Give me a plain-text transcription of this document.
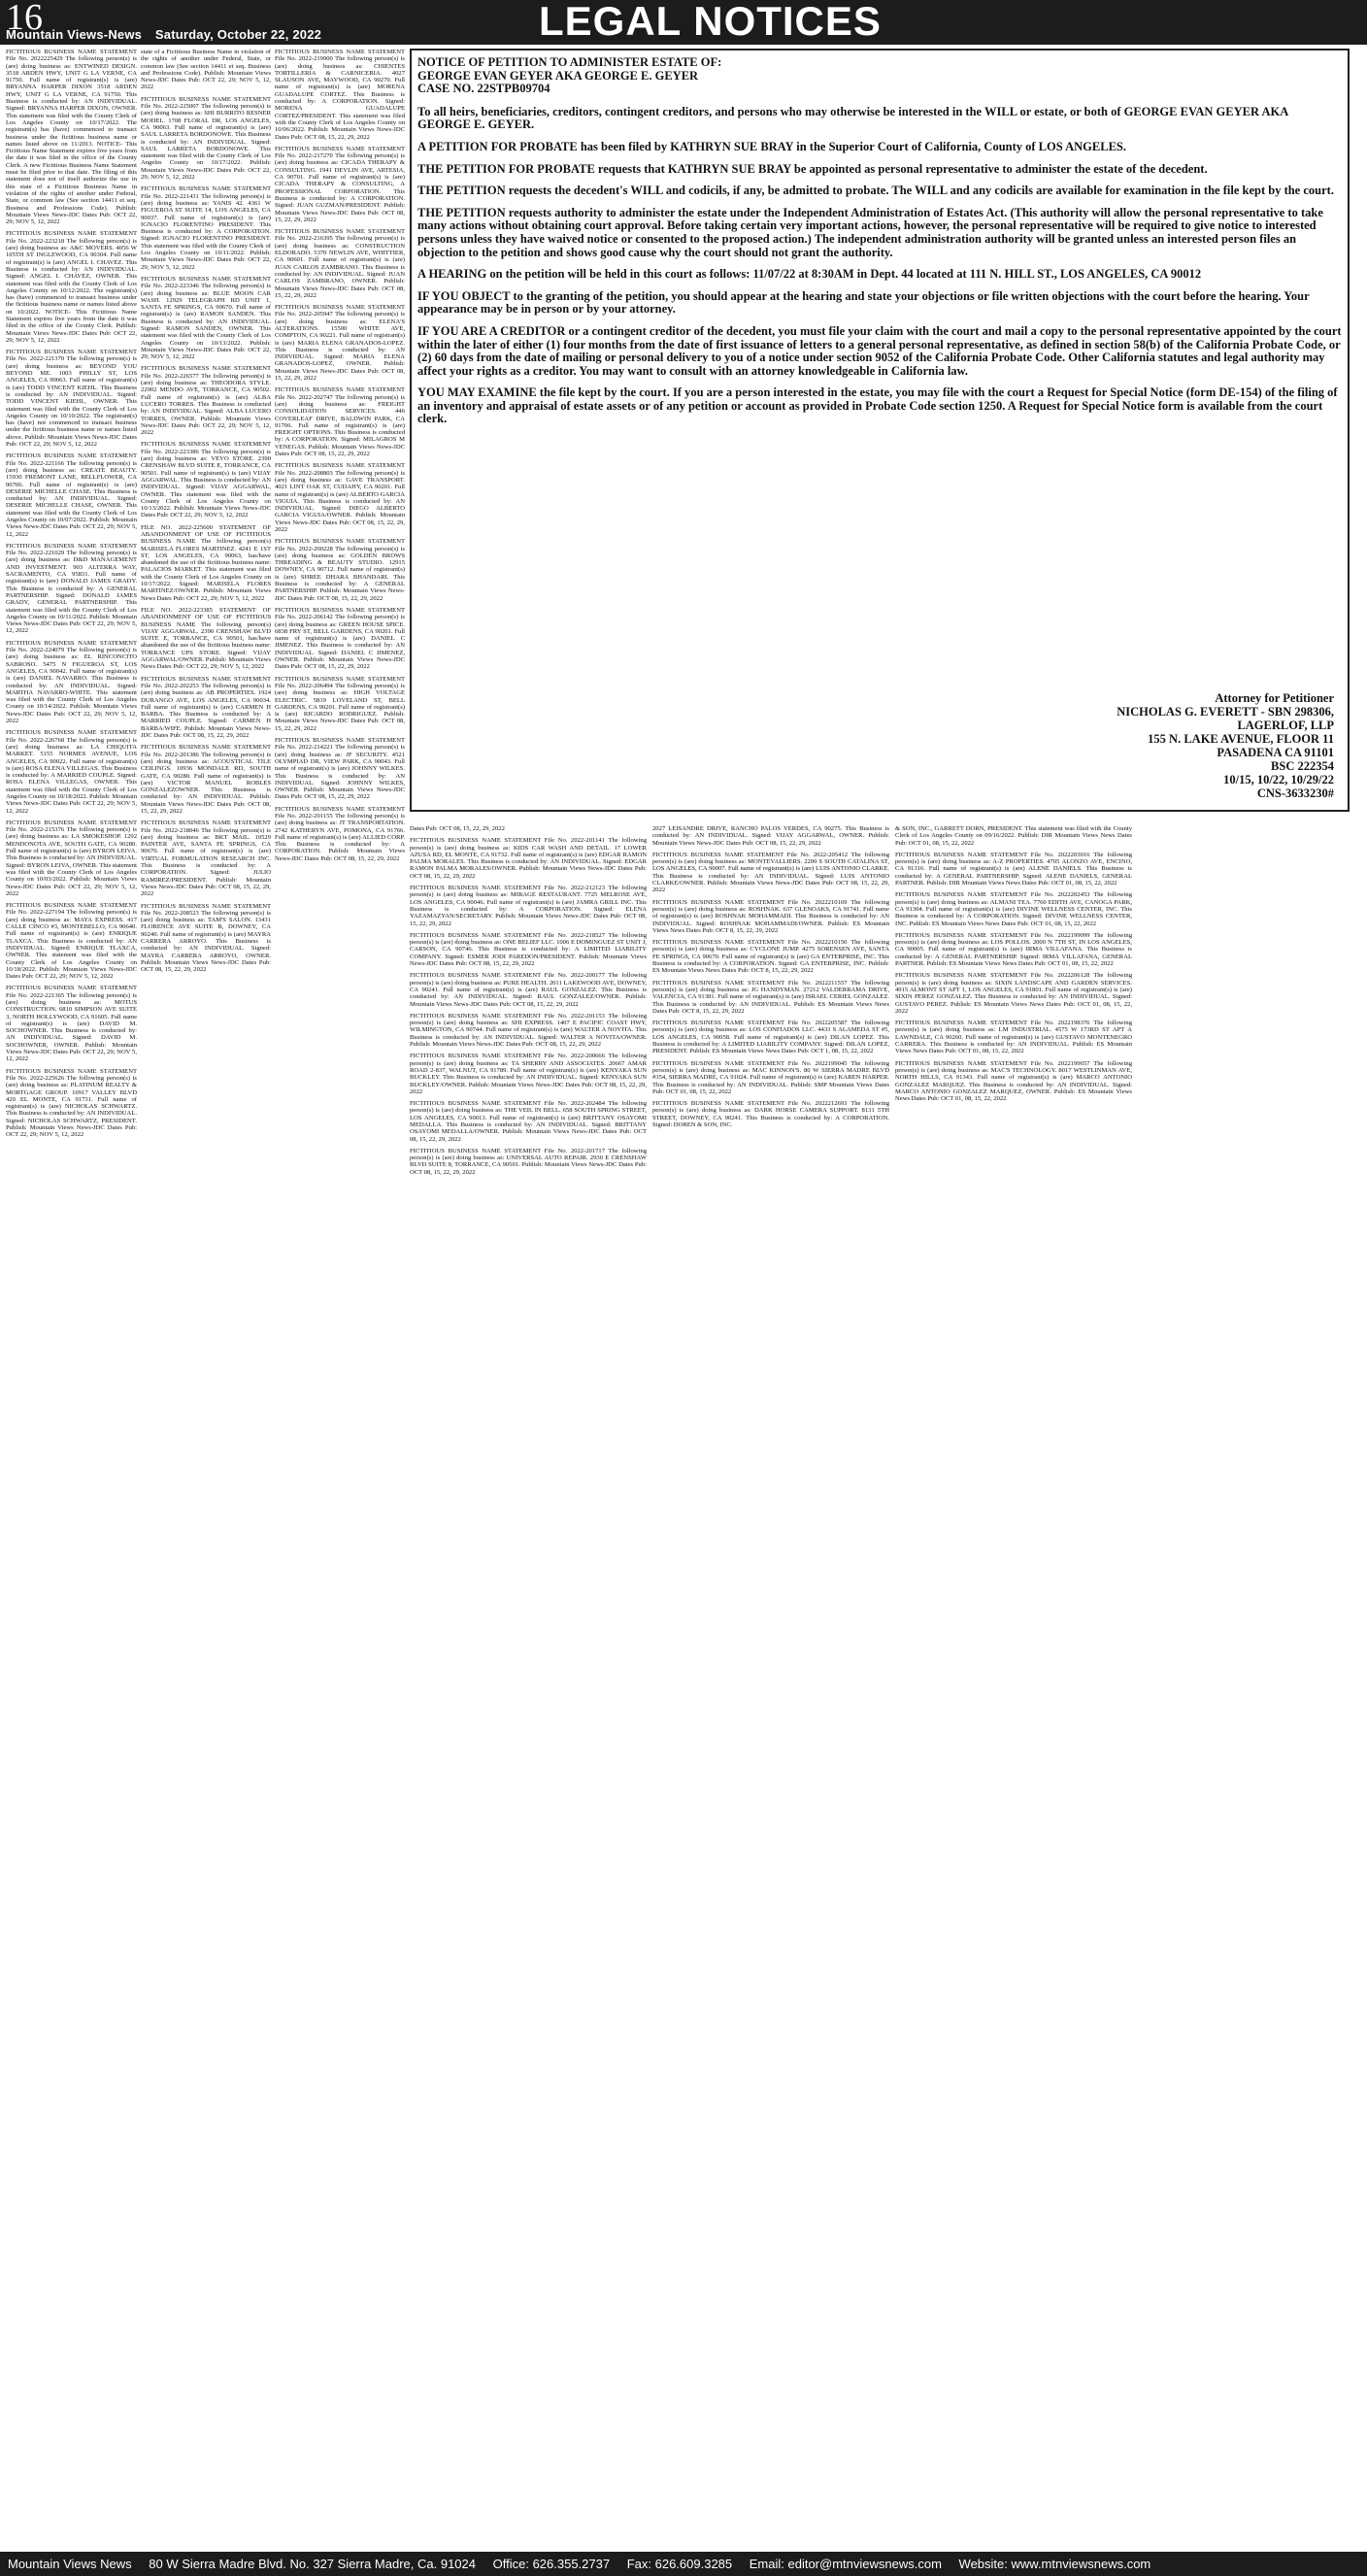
16
Mountain Views-News Saturday, October 22, 2022	LEGAL NOTICES

FICTITIOUS BUSINESS NAME STATEMENT File No. 2022225429 The following person(s) is (are) doing business as: ENTWINED DESIGN. 3518 ARDEN HWY, UNIT G LA VERNE, CA 91750. Full name of registrant(s) is (are) BRYANNA HARPER DIXON 3518 ARDEN HWY, UNIT G LA VERNE, CA 91750. This Business is conducted by: AN INDIVIDUAL. Signed: BRYANNA HARPER DIXON, OWNER. This statement was filed with the County Clerk of Los Angeles County on 10/17/2022. The registrant(s) has (have) commenced to transact business under the fictitious business name or names listed above on 11/2013. NOTICE- This Fictitious Name Statement expires five years from the date it was filed in the office of the County Clerk. A new Fictitious Business Name Statement must be filed prior to that date. The filing of this statement does not of itself authorize the use in this state of a Fictitious Business Name in violation of the rights of another under Federal, State, or common law (See section 14411 et seq. Business and Professions Code). Publish: Mountain Views News-JDC Dates Pub: OCT 22, 29; NOV 5, 12, 2022

FICTITIOUS BUSINESS NAME STATEMENT File No. 2022-223218 The following person(s) is (are) doing business as: A&C MOVERS. 4056 W 105TH ST INGLEWOOD, CA 90304. Full name of registrant(s) is (are) ANGEL I. CHAVEZ. This Business is conducted by: AN INDIVIDUAL. Signed: ANGEL I. CHAVEZ, OWNER. This statement was filed with the County Clerk of Los Angeles County on 10/12/2022. The registrant(s) has (have) commenced to transact business under the fictitious business name or names listed above on 10/2022. NOTICE- This Fictitious Name Statement expires five years from the date it was filed in the office of the County Clerk. Publish: Mountain Views News-JDC Dates Pub: OCT 22, 29; NOV 5, 12, 2022

FICTITIOUS BUSINESS NAME STATEMENT File No. 2022-221370 The following person(s) is (are) doing business as: BEYOND YOU BEYOND ME. 1003 PHILLY ST, LOS ANGELES, CA 90063. Full name of registrant(s) is (are) TODD VINCENT KIEHL. This Business is conducted by: AN INDIVIDUAL. Signed: TODD VINCENT KIEHL, OWNER. This statement was filed with the County Clerk of Los Angeles County on 10/10/2022. The registrant(s) has (have) not commenced to transact business under the fictitious business name or names listed above. Publish: Mountain Views News-JDC Dates Pub: OCT 22, 29; NOV 5, 12, 2022

FICTITIOUS BUSINESS NAME STATEMENT File No. 2022-221166 The following person(s) is (are) doing business as: CREATE BEAUTY. 15930 FREMONT LANE, BELLFLOWER, CA 90706. Full name of registrant(s) is (are) DESERIE MICHELLE CHASE. This Business is conducted by: AN INDIVIDUAL. Signed: DESERIE MICHELLE CHASE, OWNER. This statement was filed with the County Clerk of Los Angeles County on 10/07/2022. Publish: Mountain Views News-JDC Dates Pub: OCT 22, 29; NOV 5, 12, 2022

FICTITIOUS BUSINESS NAME STATEMENT File No. 2022-221029 The following person(s) is (are) doing business as: D&D MANAGEMENT AND INVESTMENT. 903 ALTERRA WAY, SACRAMENTO, CA 95831. Full name of registrant(s) is (are) DONALD JAMES GRADY. This Business is conducted by: A GENERAL PARTNERSHIP. Signed: DONALD JAMES GRADY, GENERAL PARTNERSHIP. This statement was filed with the County Clerk of Los Angeles County on 10/11/2022. Publish: Mountain Views News-JDC Dates Pub: OCT 22, 29; NOV 5, 12, 2022

FICTITIOUS BUSINESS NAME STATEMENT File No. 2022-224079 The following person(s) is (are) doing business as: EL RINCONCITO SABROSO. 5475 N FIGUEROA ST, LOS ANGELES, CA 90042. Full name of registrant(s) is (are) DANIEL NAVARRO. This Business is conducted by: AN INDIVIDUAL. Signed: MARTHA NAVARRO-WHITE. This statement was filed with the County Clerk of Los Angeles County on 10/14/2022. Publish: Mountain Views News-JDC Dates Pub: OCT 22, 29; NOV 5, 12, 2022

FICTITIOUS BUSINESS NAME STATEMENT File No. 2022-226768 The following person(s) is (are) doing business as: LA CHIQUITA MARKET. 5155 NORMES AVENUE, LOS ANGELES, CA 90022. Full name of registrant(s) is (are) ROSA ELENA VILLEGAS. This Business is conducted by: A MARRIED COUPLE. Signed: ROSA ELENA VILLEGAS, OWNER. This statement was filed with the County Clerk of Los Angeles County on 10/18/2022. Publish: Mountain Views News-JDC Dates Pub: OCT 22, 29; NOV 5, 12, 2022

FICTITIOUS BUSINESS NAME STATEMENT File No. 2022-215376 The following person(s) is (are) doing business as: LA SMOKESHOP. 1292 MENDONOTA AVE, SOUTH GATE, CA 90280. Full name of registrant(s) is (are) BYRON LEIVA. This Business is conducted by: AN INDIVIDUAL. Signed: BYRON LEIVA, OWNER. This statement was filed with the County Clerk of Los Angeles County on 10/03/2022. Publish: Mountain Views News-JDC Dates Pub: OCT 22, 29; NOV 5, 12, 2022

FICTITIOUS BUSINESS NAME STATEMENT File No. 2022-227194 The following person(s) is (are) doing business as: MAYA EXPRESS. 417 CALLE CINCO #3, MONTEBELLO, CA 90640. Full name of registrant(s) is (are) ENRIQUE TLAXCA. This Business is conducted by: AN INDIVIDUAL. Signed: ENRIQUE TLAXCA, OWNER. This statement was filed with the County Clerk of Los Angeles County on 10/18/2022. Publish: Mountain Views News-JDC Dates Pub: OCT 22, 29; NOV 5, 12, 2022

FICTITIOUS BUSINESS NAME STATEMENT File No. 2022-221365 The following person(s) is (are) doing business as: MOTUS CONSTRUCTION. 6810 SIMPSON AVE SUITE 3, NORTH HOLLYWOOD, CA 91605. Full name of registrant(s) is (are) DAVID M. SOCHOWNER. This Business is conducted by: AN INDIVIDUAL. Signed: DAVID M. SOCHOWNER, OWNER. Publish: Mountain Views News-JDC Dates Pub: OCT 22, 29; NOV 5, 12, 2022

FICTITIOUS BUSINESS NAME STATEMENT File No. 2022-225626 The following person(s) is (are) doing business as: PLATINUM REALTY & MORTGAGE GROUP. 10917 VALLEY BLVD 420 EL MONTE, CA 91731. Full name of registrant(s) is (are) NICHOLAS SCHWARTZ. This Business is conducted by: AN INDIVIDUAL. Signed: NICHOLAS SCHWARTZ, PRESIDENT. Publish: Mountain Views News-JDC Dates Pub: OCT 22, 29; NOV 5, 12, 2022

state of a Fictitious Business Name in violation of the rights of another under Federal, State, or common law (See section 14411 et seq. Business and Professions Code). Publish: Mountain Views News-JDC Dates Pub: OCT 22, 29; NOV 5, 12, 2022

FICTITIOUS BUSINESS NAME STATEMENT File No. 2022-225007 The following person(s) is (are) doing business as: SHI BURRITO RESNER MODEL. 1708 FLORAL DR, LOS ANGELES, CA 90063. Full name of registrant(s) is (are) SAUL LARRETA BORDONOWE. This Business is conducted by: AN INDIVIDUAL. Signed: SAUL LARRETA BORDONOWE. This statement was filed with the County Clerk of Los Angeles County on 10/17/2022. Publish: Mountain Views News-JDC Dates Pub: OCT 22, 29; NOV 5, 12, 2022

FICTITIOUS BUSINESS NAME STATEMENT File No. 2022-221431 The following person(s) is (are) doing business as: YANIS 42. 4361 W FIGUEROA ST SUITE 14, LOS ANGELES, CA 90037. Full name of registrant(s) is (are) IGNACIO FLORENTINO PRESIDENT. This Business is conducted by: A CORPORATION. Signed: IGNACIO FLORENTINO PRESIDENT. This statement was filed with the County Clerk of Los Angeles County on 10/11/2022. Publish: Mountain Views News-JDC Dates Pub: OCT 22, 29; NOV 5, 12, 2022

FICTITIOUS BUSINESS NAME STATEMENT File No. 2022-223346 The following person(s) is (are) doing business as: BLUE MOON CAR WASH. 12929 TELEGRAPH RD UNIT 1, SANTA FE SPRINGS, CA 90670. Full name of registrant(s) is (are) RAMON SANDEN. This Business is conducted by: AN INDIVIDUAL. Signed: RAMON SANDEN, OWNER. This statement was filed with the County Clerk of Los Angeles County on 10/13/2022. Publish: Mountain Views News-JDC Dates Pub: OCT 22, 29; NOV 5, 12, 2022

FICTITIOUS BUSINESS NAME STATEMENT File No. 2022-226577 The following person(s) is (are) doing business as: THEODORA STYLE. 22902 MENDO AVE, TORRANCE, CA 90502. Full name of registrant(s) is (are) ALBA LUCERO TORRES. This Business is conducted by: AN INDIVIDUAL. Signed: ALBA LUCERO TORRES, OWNER. Publish: Mountain Views News-JDC Dates Pub: OCT 22, 29; NOV 5, 12, 2022

FICTITIOUS BUSINESS NAME STATEMENT File No. 2022-223386 The following person(s) is (are) doing business as: VEVO STORE. 2390 CRENSHAW BLVD SUITE E, TORRANCE, CA 90501. Full name of registrant(s) is (are) VIJAY AGGARWAL. This Business is conducted by: AN INDIVIDUAL. Signed: VIJAY AGGARWAL, OWNER. This statement was filed with the County Clerk of Los Angeles County on 10/13/2022. Publish: Mountain Views News-JDC Dates Pub: OCT 22, 29; NOV 5, 12, 2022

FILE NO. 2022-225600 STATEMENT OF ABANDONMENT OF USE OF FICTITIOUS BUSINESS NAME The following person(s) MARISELA FLORES MARTINEZ. 4241 E 1ST ST, LOS ANGELES, CA 90063, has/have abandoned the use of the fictitious business name: PALACIOS MARKET. This statement was filed with the County Clerk of Los Angeles County on 10/17/2022. Signed: MARISELA FLORES MARTINEZ/OWNER. Publish: Mountain Views News Dates Pub: OCT 22, 29; NOV 5, 12, 2022

FILE NO. 2022-223385 STATEMENT OF ABANDONMENT OF USE OF FICTITIOUS BUSINESS NAME The following person(s) VIJAY AGGARWAL. 2390 CRENSHAW BLVD SUITE E, TORRANCE, CA 90501, has/have abandoned the use of the fictitious business name: TORRANCE UPS STORE. Signed: VIJAY AGGARWAL/OWNER. Publish: Mountain Views News Dates Pub: OCT 22, 29; NOV 5, 12, 2022

FICTITIOUS BUSINESS NAME STATEMENT File No. 2022-202253 The following person(s) is (are) doing business as: AB PROPERTIES. 1924 DURANGO AVE, LOS ANGELES, CA 90034. Full name of registrant(s) is (are) CARMEN H BARBA. This Business is conducted by: A MARRIED COUPLE. Signed: CARMEN H BARBA/WIFE. Publish: Mountain Views News-JDC Dates Pub: OCT 08, 15, 22, 29, 2022

FICTITIOUS BUSINESS NAME STATEMENT File No. 2022-201386 The following person(s) is (are) doing business as: ACOUSTICAL TILE CEILINGS. 10936 MONDALE RD, SOUTH GATE, CA 90280. Full name of registrant(s) is (are) VICTOR MANUEL ROBLES GONZALEZOWNER. This Business is conducted by: AN INDIVIDUAL. Publish: Mountain Views News-JDC Dates Pub: OCT 08, 15, 22, 29, 2022

FICTITIOUS BUSINESS NAME STATEMENT File No. 2022-218046 The following person(s) is (are) doing business as: BKT MAIL. 10529 PAINTER AVE, SANTA FE SPRINGS, CA 90670. Full name of registrant(s) is (are) VIRTUAL FORMULATION RESEARCH INC. This Business is conducted by: A CORPORATION. Signed: JULIO RAMIREZ/PRESIDENT. Publish: Mountain Views News-JDC Dates Pub: OCT 08, 15, 22, 29, 2022

FICTITIOUS BUSINESS NAME STATEMENT File No. 2022-208523 The following person(s) is (are) doing business as: TAM'S SALON. 13431 FLORENCE AVE SUITE B, DOWNEY, CA 90240. Full name of registrant(s) is (are) MAYRA CARRERA ARROYO. This Business is conducted by: AN INDIVIDUAL. Signed: MAYRA CARRERA ARROYO, OWNER. Publish: Mountain Views News-JDC Dates Pub: OCT 08, 15, 22, 29, 2022

FICTITIOUS BUSINESS NAME STATEMENT File No. 2022-219900 The following person(s) is (are) doing business as: CHIENTES TORTILLERIA & CARNICERIA. 4027 SLAUSON AVE, MAYWOOD, CA 90270. Full name of registrant(s) is (are) MORENA GUADALUPE CORTEZ. This Business is conducted by: A CORPORATION. Signed: MORENA GUADALUPE CORTEZ/PRESIDENT. This statement was filed with the County Clerk of Los Angeles County on 10/06/2022. Publish: Mountain Views News-JDC Dates Pub: OCT 08, 15, 22, 29, 2022

FICTITIOUS BUSINESS NAME STATEMENT File No. 2022-217270 The following person(s) is (are) doing business as: CICADA THERAPY & CONSULTING. 1941 DEVLIN AVE, ARTESIA, CA 90701. Full name of registrant(s) is (are) CICADA THERAPY & CONSULTING, A PROFESSIONAL CORPORATION. This Business is conducted by: A CORPORATION. Signed: JUAN GUZMAN/PRESIDENT. Publish: Mountain Views News-JDC Dates Pub: OCT 08, 15, 22, 29, 2022

FICTITIOUS BUSINESS NAME STATEMENT File No. 2022-216395 The following person(s) is (are) doing business as: CONSTRUCTION ELDORADO. 5370 NEWLIN AVE, WHITTIER, CA 90601. Full name of registrant(s) is (are) JUAN CARLOS ZAMBRANO. This Business is conducted by: AN INDIVIDUAL. Signed: JUAN CARLOS ZAMBRANO, OWNER. Publish: Mountain Views News-JDC Dates Pub: OCT 08, 15, 22, 29, 2022

FICTITIOUS BUSINESS NAME STATEMENT File No. 2022-205947 The following person(s) is (are) doing business as: ELENA'S ALTERATIONS. 15500 WHITE AVE, COMPTON, CA 90221. Full name of registrant(s) is (are) MARIA ELENA GRANADOS-LOPEZ. This Business is conducted by: AN INDIVIDUAL. Signed: MARIA ELENA GRANADOS-LOPEZ, OWNER. Publish: Mountain Views News-JDC Dates Pub: OCT 08, 15, 22, 29, 2022

FICTITIOUS BUSINESS NAME STATEMENT File No. 2022-202747 The following person(s) is (are) doing business as: FREIGHT CONSOLIDATION SERVICES. 446 COVERLEAF DRIVE, BALDWIN PARK, CA 91706. Full name of registrant(s) is (are) FREIGHT OPTIONS. This Business is conducted by: A CORPORATION. Signed: MILAGROS M VENEGAS. Publish: Mountain Views News-JDC Dates Pub: OCT 08, 15, 22, 29, 2022

FICTITIOUS BUSINESS NAME STATEMENT File No. 2022-208803 The following person(s) is (are) doing business as: GAVE TRANSPORT. 4021 LINT OAK ST, CUDAHY, CA 90201. Full name of registrant(s) is (are) ALBERTO GARCIA VIGUIA. This Business is conducted by: AN INDIVIDUAL. Signed: DIEGO ALBERTO GARCIA VIGUIA/OWNER. Publish: Mountain Views News-JDC Dates Pub: OCT 08, 15, 22, 29, 2022

FICTITIOUS BUSINESS NAME STATEMENT File No. 2022-200228 The following person(s) is (are) doing business as: GOLDEN BROWS THREADING & BEAUTY STUDIO. 12915 DOWNEY, CA 90712. Full name of registrant(s) is (are) SHREE DHARA BHANDARI. This Business is conducted by: A GENERAL PARTNERSHIP. Publish: Mountain Views News-JDC Dates Pub: OCT 08, 15, 22, 29, 2022

FICTITIOUS BUSINESS NAME STATEMENT File No. 2022-206142 The following person(s) is (are) doing business as: GREEN HOUSE SPICE. 6838 FRY ST, BELL GARDENS, CA 90201. Full name of registrant(s) is (are) DANIEL C JIMENEZ. This Business is conducted by: AN INDIVIDUAL. Signed: DANIEL C JIMENEZ, OWNER. Publish: Mountain Views News-JDC Dates Pub: OCT 08, 15, 22, 29, 2022

FICTITIOUS BUSINESS NAME STATEMENT File No. 2022-206494 The following person(s) is (are) doing business as: HIGH VOLTAGE ELECTRIC. 5819 LOVELAND ST, BELL GARDENS, CA 90201. Full name of registrant(s) is (are) RICARDO RODRIGUEZ. Publish: Mountain Views News-JDC Dates Pub: OCT 08, 15, 22, 29, 2022

FICTITIOUS BUSINESS NAME STATEMENT File No. 2022-214221 The following person(s) is (are) doing business as: JF SECURITY. 4521 OLYMPIAD DR, VIEW PARK, CA 90043. Full name of registrant(s) is (are) JOHNNY WILKES. This Business is conducted by: AN INDIVIDUAL. Signed: JOHNNY WILKES, OWNER. Publish: Mountain Views News-JDC Dates Pub: OCT 08, 15, 22, 29, 2022

FICTITIOUS BUSINESS NAME STATEMENT File No. 2022-201155 The following person(s) is (are) doing business as: JT TRANSPORTATION. 2742 KATHERYN AVE, POMONA, CA 91766. Full name of registrant(s) is (are) ALLIED CORP. This Business is conducted by: A CORPORATION. Publish: Mountain Views News-JDC Dates Pub: OCT 08, 15, 22, 29, 2022

NOTICE OF PETITION TO ADMINISTER ESTATE OF:
GEORGE EVAN GEYER AKA GEORGE E. GEYER
CASE NO. 22STPB09704

To all heirs, beneficiaries, creditors, contingent creditors, and persons who may otherwise be interested in the WILL or estate, or both of GEORGE EVAN GEYER AKA GEORGE E. GEYER.

A PETITION FOR PROBATE has been filed by KATHRYN SUE BRAY in the Superior Court of California, County of LOS ANGELES.

THE PETITION FOR PROBATE requests that KATHRYN SUE BRAY be appointed as personal representative to administer the estate of the decedent.

THE PETITION requests the decedent's WILL and codicils, if any, be admitted to probate. The WILL and any codicils are available for examination in the file kept by the court.

THE PETITION requests authority to administer the estate under the Independent Administration of Estates Act. (This authority will allow the personal representative to take many actions without obtaining court approval. Before taking certain very important actions, however, the personal representative will be required to give notice to interested persons unless they have waived notice or consented to the proposed action.) The independent administration authority will be granted unless an interested person files an objection to the petition and shows good cause why the court should not grant the authority.

A HEARING on the petition will be held in this court as follows: 11/07/22 at 8:30AM in Dept. 44 located at 111 N. HILL ST., LOS ANGELES, CA 90012

IF YOU OBJECT to the granting of the petition, you should appear at the hearing and state your objections or file written objections with the court before the hearing. Your appearance may be in person or by your attorney.

IF YOU ARE A CREDITOR or a contingent creditor of the decedent, you must file your claim with the court and mail a copy to the personal representative appointed by the court within the later of either (1) four months from the date of first issuance of letters to a general personal representative, as defined in section 58(b) of the California Probate Code, or (2) 60 days from the date of mailing or personal delivery to you of a notice under section 9052 of the California Probate Code. Other California statutes and legal authority may affect your rights as a creditor. You may want to consult with an attorney knowledgeable in California law.

YOU MAY EXAMINE the file kept by the court. If you are a person interested in the estate, you may file with the court a Request for Special Notice (form DE-154) of the filing of an inventory and appraisal of estate assets or of any petition or account as provided in Probate Code section 1250. A Request for Special Notice form is available from the court clerk.

Attorney for Petitioner
NICHOLAS G. EVERETT - SBN 298306,
LAGERLOF, LLP
155 N. LAKE AVENUE, FLOOR 11
PASADENA CA 91101
BSC 222354
10/15, 10/22, 10/29/22
CNS-3633230#

Dates Pub: OCT 08, 15, 22, 29, 2022

FICTITIOUS BUSINESS NAME STATEMENT File No. 2022-201141 The following person(s) is (are) doing business as: KIDS CAR WASH AND DETAIL. 17 LOWER AZUSA RD, EL MONTE, CA 91732. Full name of registrant(s) is (are) EDGAR RAMON PALMA MORALES. This Business is conducted by: AN INDIVIDUAL. Signed: EDGAR RAMON PALMA MORALES/OWNER. Publish: Mountain Views News-JDC Dates Pub: OCT 08, 15, 22, 29, 2022

FICTITIOUS BUSINESS NAME STATEMENT File No. 2022-212123 The following person(s) is (are) doing business as: MIRAGE RESTAURANT. 7725 MELROSE AVE, LOS ANGELES, CA 90046. Full name of registrant(s) is (are) JAMRA GRILL INC. This Business is conducted by: A CORPORATION. Signed: ELENA YAZAMAZYAN/SECRETARY. Publish: Mountain Views News-JDC Dates Pub: OCT 08, 15, 22, 29, 2022

FICTITIOUS BUSINESS NAME STATEMENT File No. 2022-218527 The following person(s) is (are) doing business as: ONE BELIEF LLC. 1006 E DOMINGUEZ ST UNIT J, CARSON, CA 90746. This Business is conducted by: A LIMITED LIABILITY COMPANY. Signed: ESMER JODI PAREDON/PRESIDENT. Publish: Mountain Views News-JDC Dates Pub: OCT 08, 15, 22, 29, 2022

FICTITIOUS BUSINESS NAME STATEMENT File No. 2022-200177 The following person(s) is (are) doing business as: PURE HEALTH. 2011 LAKEWOOD AVE, DOWNEY, CA 90241. Full name of registrant(s) is (are) RAUL GONZALEZ. This Business is conducted by: AN INDIVIDUAL. Signed: RAUL GONZALEZ/OWNER. Publish: Mountain Views News-JDC Dates Pub: OCT 08, 15, 22, 29, 2022

FICTITIOUS BUSINESS NAME STATEMENT File No. 2022-201153 The following person(s) is (are) doing business as: SHI EXPRESS. 1407 E PACIFIC COAST HWY, WILMINGTON, CA 90744. Full name of registrant(s) is (are) WALTER A NOVITA. This Business is conducted by: AN INDIVIDUAL. Signed: WALTER A NOVITA/OWNER. Publish: Mountain Views News-JDC Dates Pub: OCT 08, 15, 22, 29, 2022

FICTITIOUS BUSINESS NAME STATEMENT File No. 2022-200666 The following person(s) is (are) doing business as: TA SHERRY AND ASSOCIATES. 20667 AMAR ROAD 2-837, WALNUT, CA 91789. Full name of registrant(s) is (are) KENYAKA SUN BUCKLEY. This Business is conducted by: AN INDIVIDUAL. Signed: KENYAKA SUN BUCKLEY/OWNER. Publish: Mountain Views News-JDC Dates Pub: OCT 08, 15, 22, 29, 2022

FICTITIOUS BUSINESS NAME STATEMENT File No. 2022-202484 The following person(s) is (are) doing business as: THE VEIL IN BELL. 658 SOUTH SPRING STREET, LOS ANGELES, CA 90013. Full name of registrant(s) is (are) BRITTANY OSAYOMI MEDALLA. This Business is conducted by: AN INDIVIDUAL. Signed: BRITTANY OSAYOMI MEDALLA/OWNER. Publish: Mountain Views News-JDC Dates Pub: OCT 08, 15, 22, 29, 2022

FICTITIOUS BUSINESS NAME STATEMENT File No. 2022-201717 The following person(s) is (are) doing business as: UNIVERSAL AUTO REPAIR. 2930 E CRENSHAW BLVD SUITE 8, TORRANCE, CA 90501. Publish: Mountain Views News-JDC Dates Pub: OCT 08, 15, 22, 29, 2022

2027 LEISANDRE DRIVE, RANCHO PALOS VERDES, CA 90275. This Business is conducted by: AN INDIVIDUAL. Signed: VIJAY AGGARWAL, OWNER. Publish: Mountain Views News-JDC Dates Pub: OCT 08, 15, 22, 29, 2022

FICTITIOUS BUSINESS NAME STATEMENT File No. 2022-205412 The following person(s) is (are) doing business as: MONTEVALLIERS. 2200 S SOUTH CATALINA ST, LOS ANGELES, CA 90007. Full name of registrant(s) is (are) LUIS ANTONIO CLARKE. This Business is conducted by: AN INDIVIDUAL. Signed: LUIS ANTONIO CLARKE/OWNER. Publish: Mountain Views News-JDC Dates Pub: OCT 08, 15, 22, 29, 2022

FICTITIOUS BUSINESS NAME STATEMENT File No. 2022210169 The following person(s) is (are) doing business as: ROSHNAK. 637 GLENOAKS, CA 91741. Full name of registrant(s) is (are) ROSHNAK MOHAMMADI. This Business is conducted by: AN INDIVIDUAL. Signed: ROSHNAK MOHAMMADI/OWNER. Publish: ES Mountain Views News Dates Pub: OCT 8, 15, 22, 29, 2022

FICTITIOUS BUSINESS NAME STATEMENT File No. 2022210150 The following person(s) is (are) doing business as: CYCLONE JUMP. 4275 SORENSEN AVE, SANTA FE SPRINGS, CA 90670. Full name of registrant(s) is (are) GA ENTERPRISE, INC. This Business is conducted by: A CORPORATION. Signed: GA ENTERPRISE, INC. Publish: ES Mountain Views News Dates Pub: OCT 8, 15, 22, 29, 2022

FICTITIOUS BUSINESS NAME STATEMENT File No. 2022211557 The following person(s) is (are) doing business as: JG HANDYMAN. 27212 VALDERRAMA DRIVE, VALENCIA, CA 91381. Full name of registrant(s) is (are) ISRAEL CERIEL GONZALEZ. This Business is conducted by: AN INDIVIDUAL. Publish: ES Mountain Views News Dates Pub: OCT 8, 15, 22, 29, 2022

FICTITIOUS BUSINESS NAME STATEMENT File No. 2022205587 The following person(s) is (are) doing business as: LOS CONFIADOS LLC. 4433 S ALAMEDA ST #5, LOS ANGELES, CA 90058. Full name of registrant(s) is (are) DILAN LOPEZ. This Business is conducted by: A LIMITED LIABILITY COMPANY. Signed: DILAN LOPEZ, PRESIDENT. Publish: ES Mountain Views News Dates Pub: OCT 1, 08, 15, 22, 2022

FICTITIOUS BUSINESS NAME STATEMENT File No. 2022199045 The following person(s) is (are) doing business as: MAC KINNON'S. 80 W SIERRA MADRE BLVD #354, SIERRA MADRE, CA 91024. Full name of registrant(s) is (are) KAREN HARPER. This Business is conducted by: AN INDIVIDUAL. Publish: SMP Mountain Views Dates Pub: OCT 01, 08, 15, 22, 2022

FICTITIOUS BUSINESS NAME STATEMENT File No. 2022212693 The following person(s) is (are) doing business as: DARK HORSE CAMERA SUPPORT. 8131 5TH STREET, DOWNEY, CA 90241. This Business is conducted by: A CORPORATION. Signed: DOREN & SON, INC.

& SON, INC., GARRETT DORN, PRESIDENT. This statement was filed with the County Clerk of Los Angeles County on 09/16/2022. Publish: DIR Mountain Views News Dates Pub: OCT 01, 08, 15, 22, 2022

FICTITIOUS BUSINESS NAME STATEMENT File No. 2022203016 The following person(s) is (are) doing business as: A-Z PROPERTIES. 4705 ALONZO AVE, ENCINO, CA 91316. Full name of registrant(s) is (are) ALENE DANIELS. This Business is conducted by: A GENERAL PARTNERSHIP. Signed: ALENE DANIELS, GENERAL PARTNER. Publish: DIR Mountain Views News Dates Pub: OCT 01, 08, 15, 22, 2022

FICTITIOUS BUSINESS NAME STATEMENT File No. 2022202453 The following person(s) is (are) doing business as: ALMANI TEA. 7760 EDITH AVE, CANOGA PARK, CA 91304. Full name of registrant(s) is (are) DIVINE WELLNESS CENTER, INC. This Business is conducted by: A CORPORATION. Signed: DIVINE WELLNESS CENTER, INC. Publish: ES Mountain Views News Dates Pub: OCT 01, 08, 15, 22, 2022

FICTITIOUS BUSINESS NAME STATEMENT File No. 2022199099 The following person(s) is (are) doing business as: LOS POLLOS. 2000 N 7TH ST, IN LOS ANGELES, CA 90005. Full name of registrant(s) is (are) IRMA VILLAFANA. This Business is conducted by: A GENERAL PARTNERSHIP. Signed: IRMA VILLAFANA, GENERAL PARTNER. Publish: ES Mountain Views News Dates Pub: OCT 01, 08, 15, 22, 2022

FICTITIOUS BUSINESS NAME STATEMENT File No. 2022206128 The following person(s) is (are) doing business as: SIXIN LANDSCAPE AND GARDEN SERVICES. 4915 ALMONT ST APT 1, LOS ANGELES, CA 91801. Full name of registrant(s) is (are) SIXIN PEREZ GONZALEZ. This Business is conducted by: AN INDIVIDUAL. Signed: GUSTAVO PEREZ. Publish: ES Mountain Views News Dates Pub: OCT 01, 08, 15, 22, 2022

FICTITIOUS BUSINESS NAME STATEMENT File No. 2022198376 The following person(s) is (are) doing business as: LM INDUSTRIAL. 4575 W 173RD ST APT A LAWNDALE, CA 90260. Full name of registrant(s) is (are) GUSTAVO MONTENEGRO CARRERA. This Business is conducted by: AN INDIVIDUAL. Publish: ES Mountain Views News Dates Pub: OCT 01, 08, 15, 22, 2022

FICTITIOUS BUSINESS NAME STATEMENT File No. 2022199657 The following person(s) is (are) doing business as: MAC'S TECHNOLOGY. 8017 WESTLINMAN AVE, NORTH HILLS, CA 91343. Full name of registrant(s) is (are) MARCO ANTONIO GONZALEZ MARQUEZ. This Business is conducted by: AN INDIVIDUAL. Signed: MARCO ANTONIO GONZALEZ MARQUEZ, OWNER. Publish: ES Mountain Views News Dates Pub: OCT 01, 08, 15, 22, 2022

Mountain Views News 80 W Sierra Madre Blvd. No. 327 Sierra Madre, Ca. 91024 Office: 626.355.2737 Fax: 626.609.3285 Email: editor@mtnviewsnews.com Website: www.mtnviewsnews.com
